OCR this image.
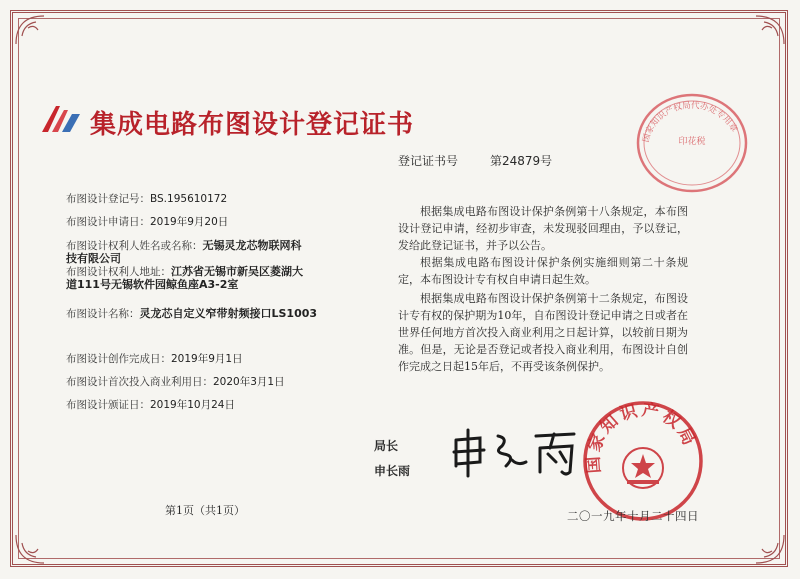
集成电路布图设计登记证书	国家知识产权局代办处专用章
印花税
登记证书号	第24879号
布图设计登记号：BS.195610172
布图设计申请日：2019年9月20日
布图设计权利人姓名或名称：无锡灵龙芯物联网科
技有限公司
布图设计权利人地址：江苏省无锡市新吴区菱湖大
道111号无锡软件园鲸鱼座A3-2室
布图设计名称：灵龙芯自定义窄带射频接口LS1003
布图设计创作完成日：2019年9月1日
布图设计首次投入商业利用日：2020年3月1日
布图设计颁证日：2019年10月24日
根据集成电路布图设计保护条例第十八条规定，本布图设计登记申请，经初步审查，未发现驳回理由，予以登记，发给此登记证书，并予以公告。
根据集成电路布图设计保护条例实施细则第二十条规定，本布图设计专有权自申请日起生效。
根据集成电路布图设计保护条例第十二条规定，布图设计专有权的保护期为10年，自布图设计登记申请之日或者在世界任何地方首次投入商业利用之日起计算，以较前日期为准。但是，无论是否登记或者投入商业利用，布图设计自创作完成之日起15年后，不再受该条例保护。
第1页（共1页）
局长
申长雨	国家知识产权局
二〇一九年十月二十四日
